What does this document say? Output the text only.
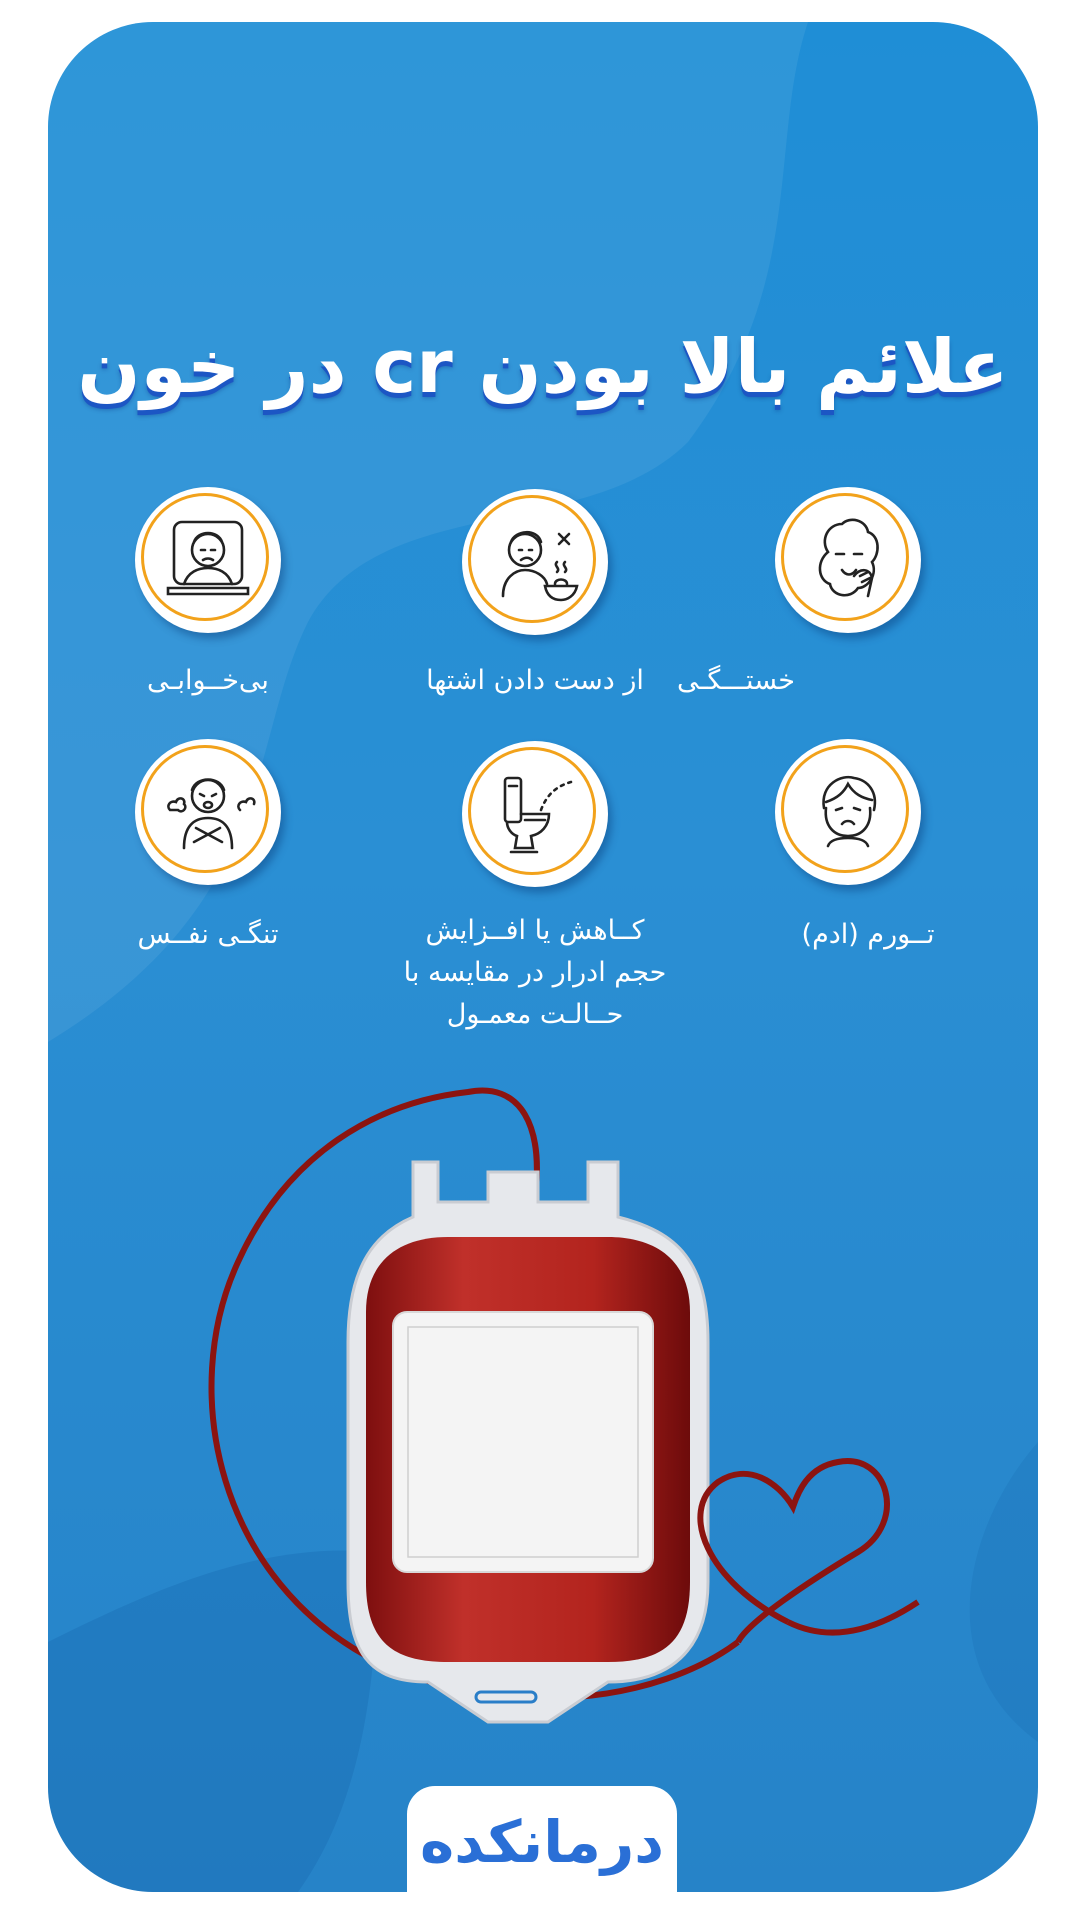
علائم بالا بودن cr در خون
خستـــگـی
از دست دادن اشتها
بی‌خــوابـی
تــورم (ادم)
کــاهش یا افــزایش
حجم ادرار در مقایسه با
حــالـت معمـول
تنگـی نفــس
درمانکده
